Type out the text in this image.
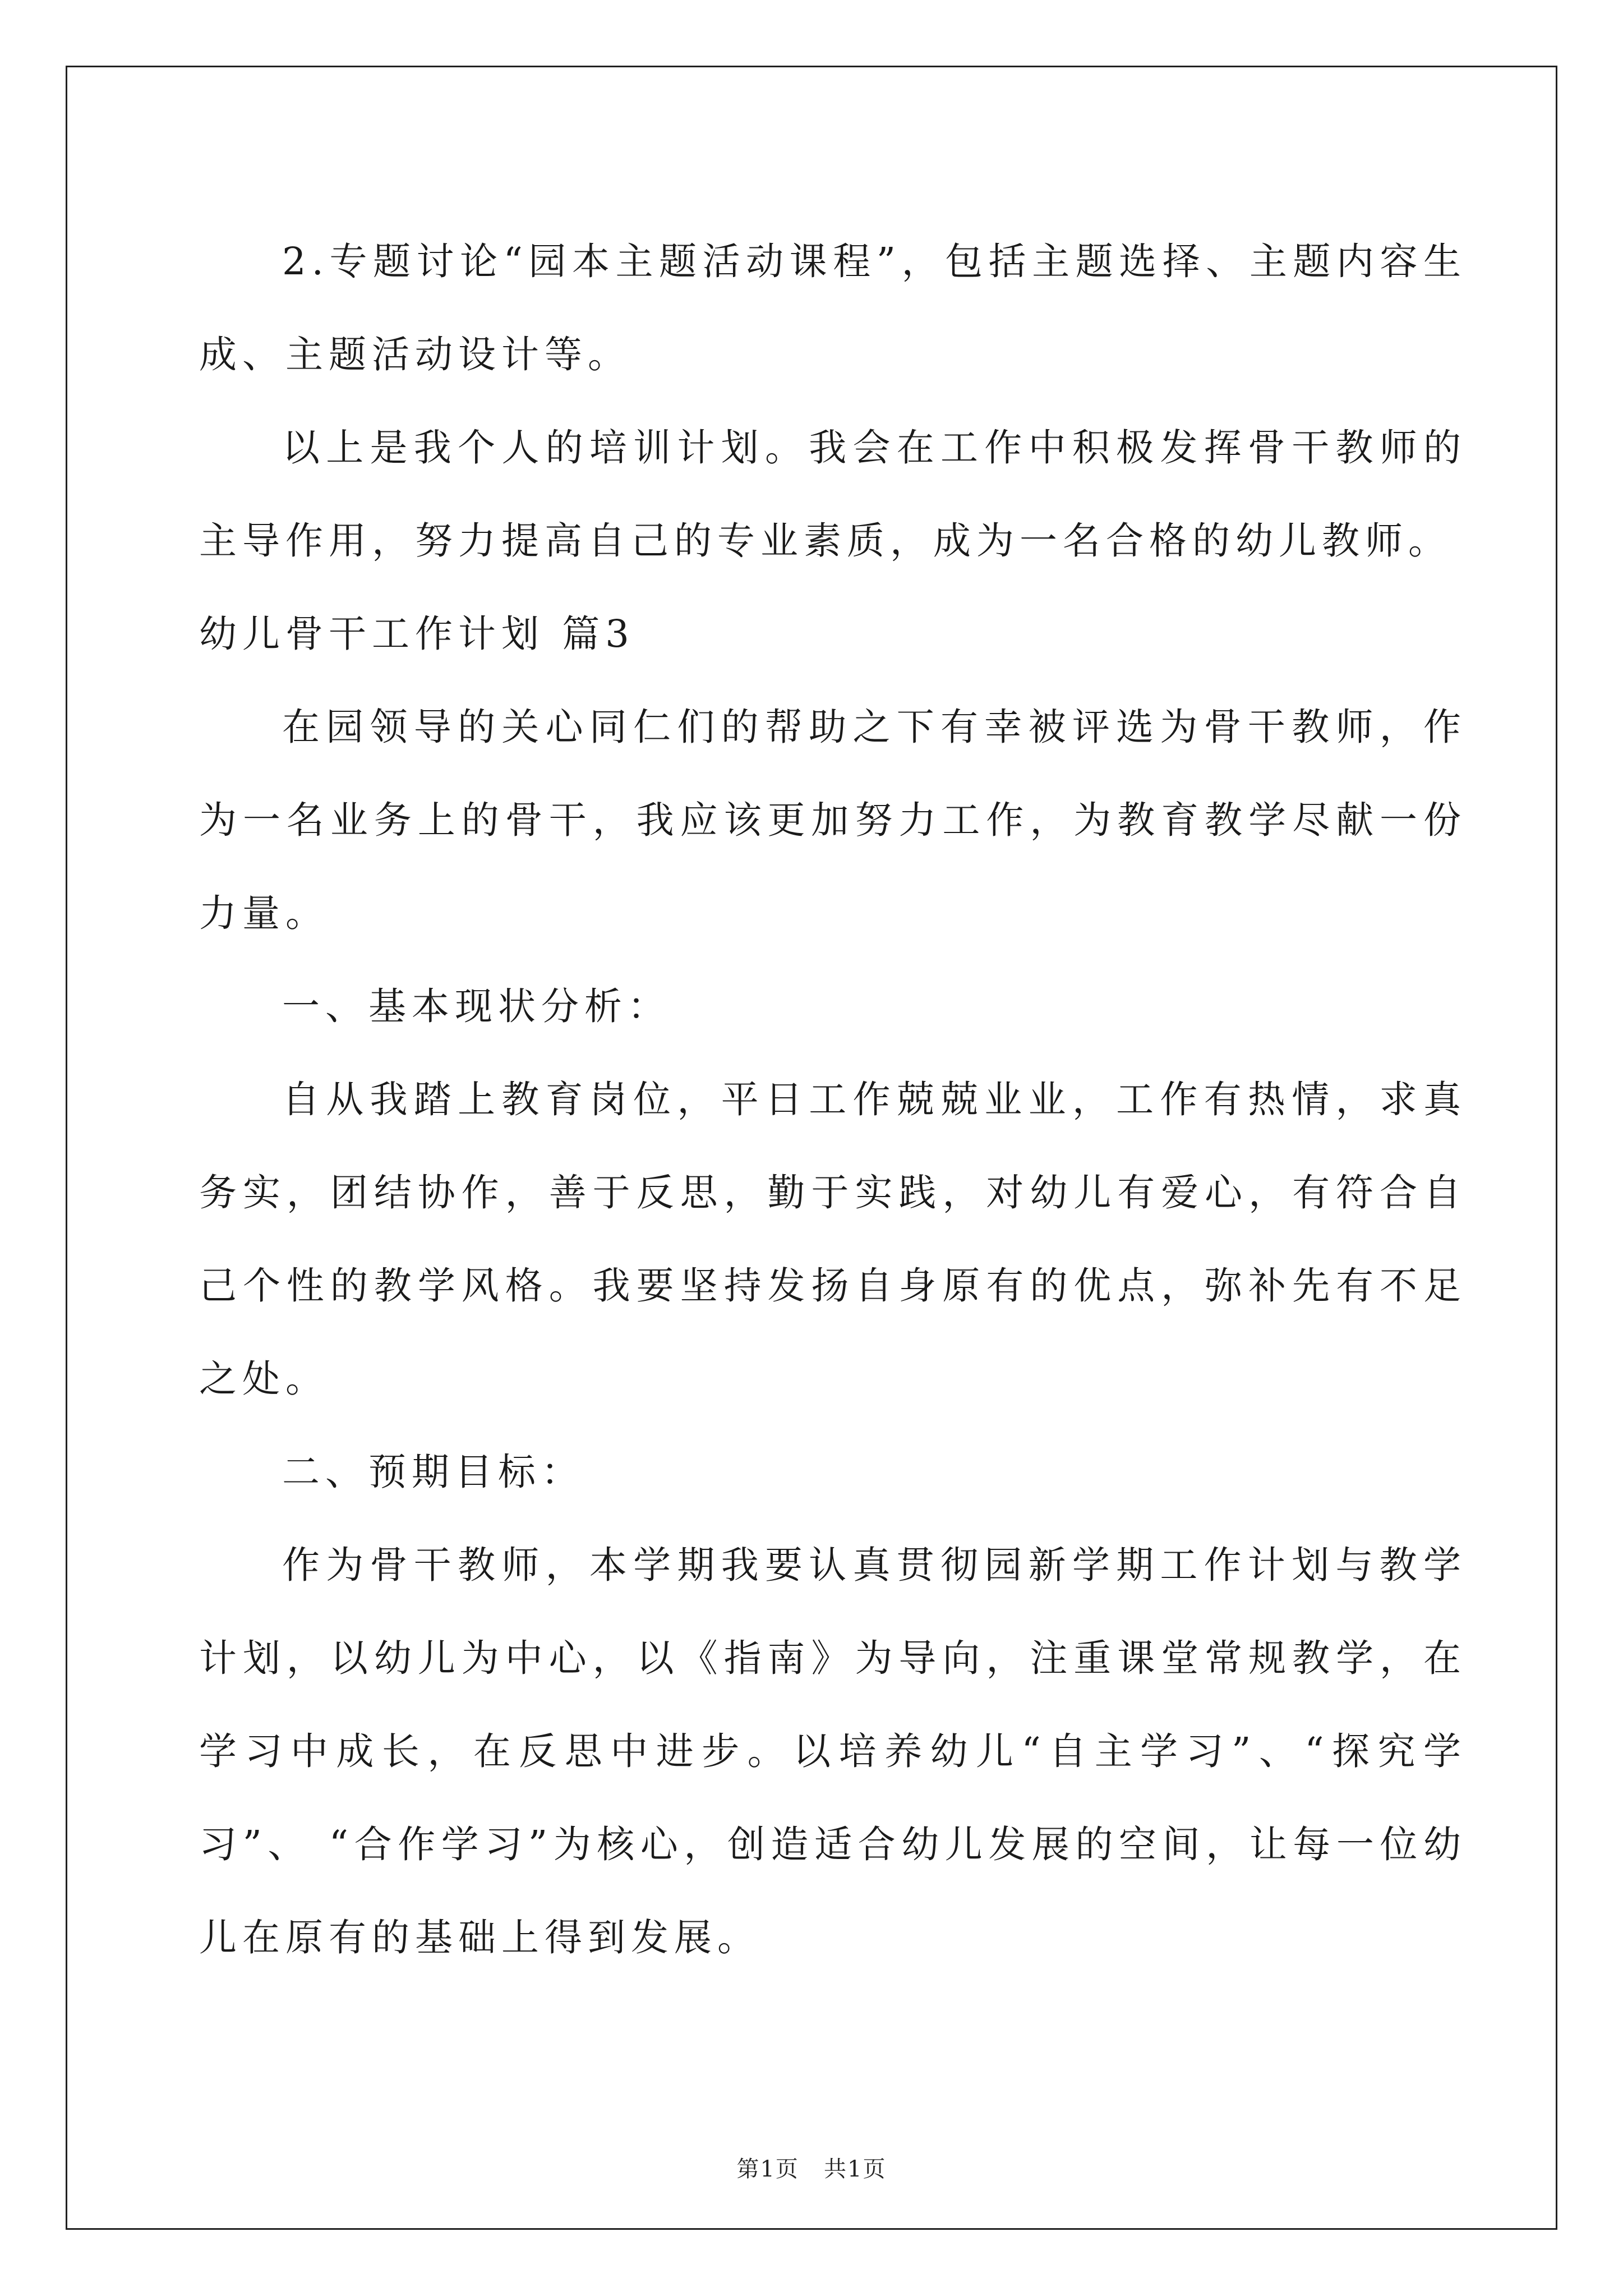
2.专题讨论“园本主题活动课程”，包括主题选择、主题内容生成、主题活动设计等。

以上是我个人的培训计划。我会在工作中积极发挥骨干教师的主导作用，努力提高自己的专业素质，成为一名合格的幼儿教师。

幼儿骨干工作计划 篇3

在园领导的关心同仁们的帮助之下有幸被评选为骨干教师，作为一名业务上的骨干，我应该更加努力工作，为教育教学尽献一份力量。

一、基本现状分析：

自从我踏上教育岗位，平日工作兢兢业业，工作有热情，求真务实，团结协作，善于反思，勤于实践，对幼儿有爱心，有符合自己个性的教学风格。我要坚持发扬自身原有的优点，弥补先有不足之处。

二、预期目标：

作为骨干教师，本学期我要认真贯彻园新学期工作计划与教学计划，以幼儿为中心，以《指南》为导向，注重课堂常规教学，在学习中成长，在反思中进步。以培养幼儿“自主学习”、“探究学习”、 “合作学习”为核心，创造适合幼儿发展的空间，让每一位幼儿在原有的基础上得到发展。

第1页   共1页
